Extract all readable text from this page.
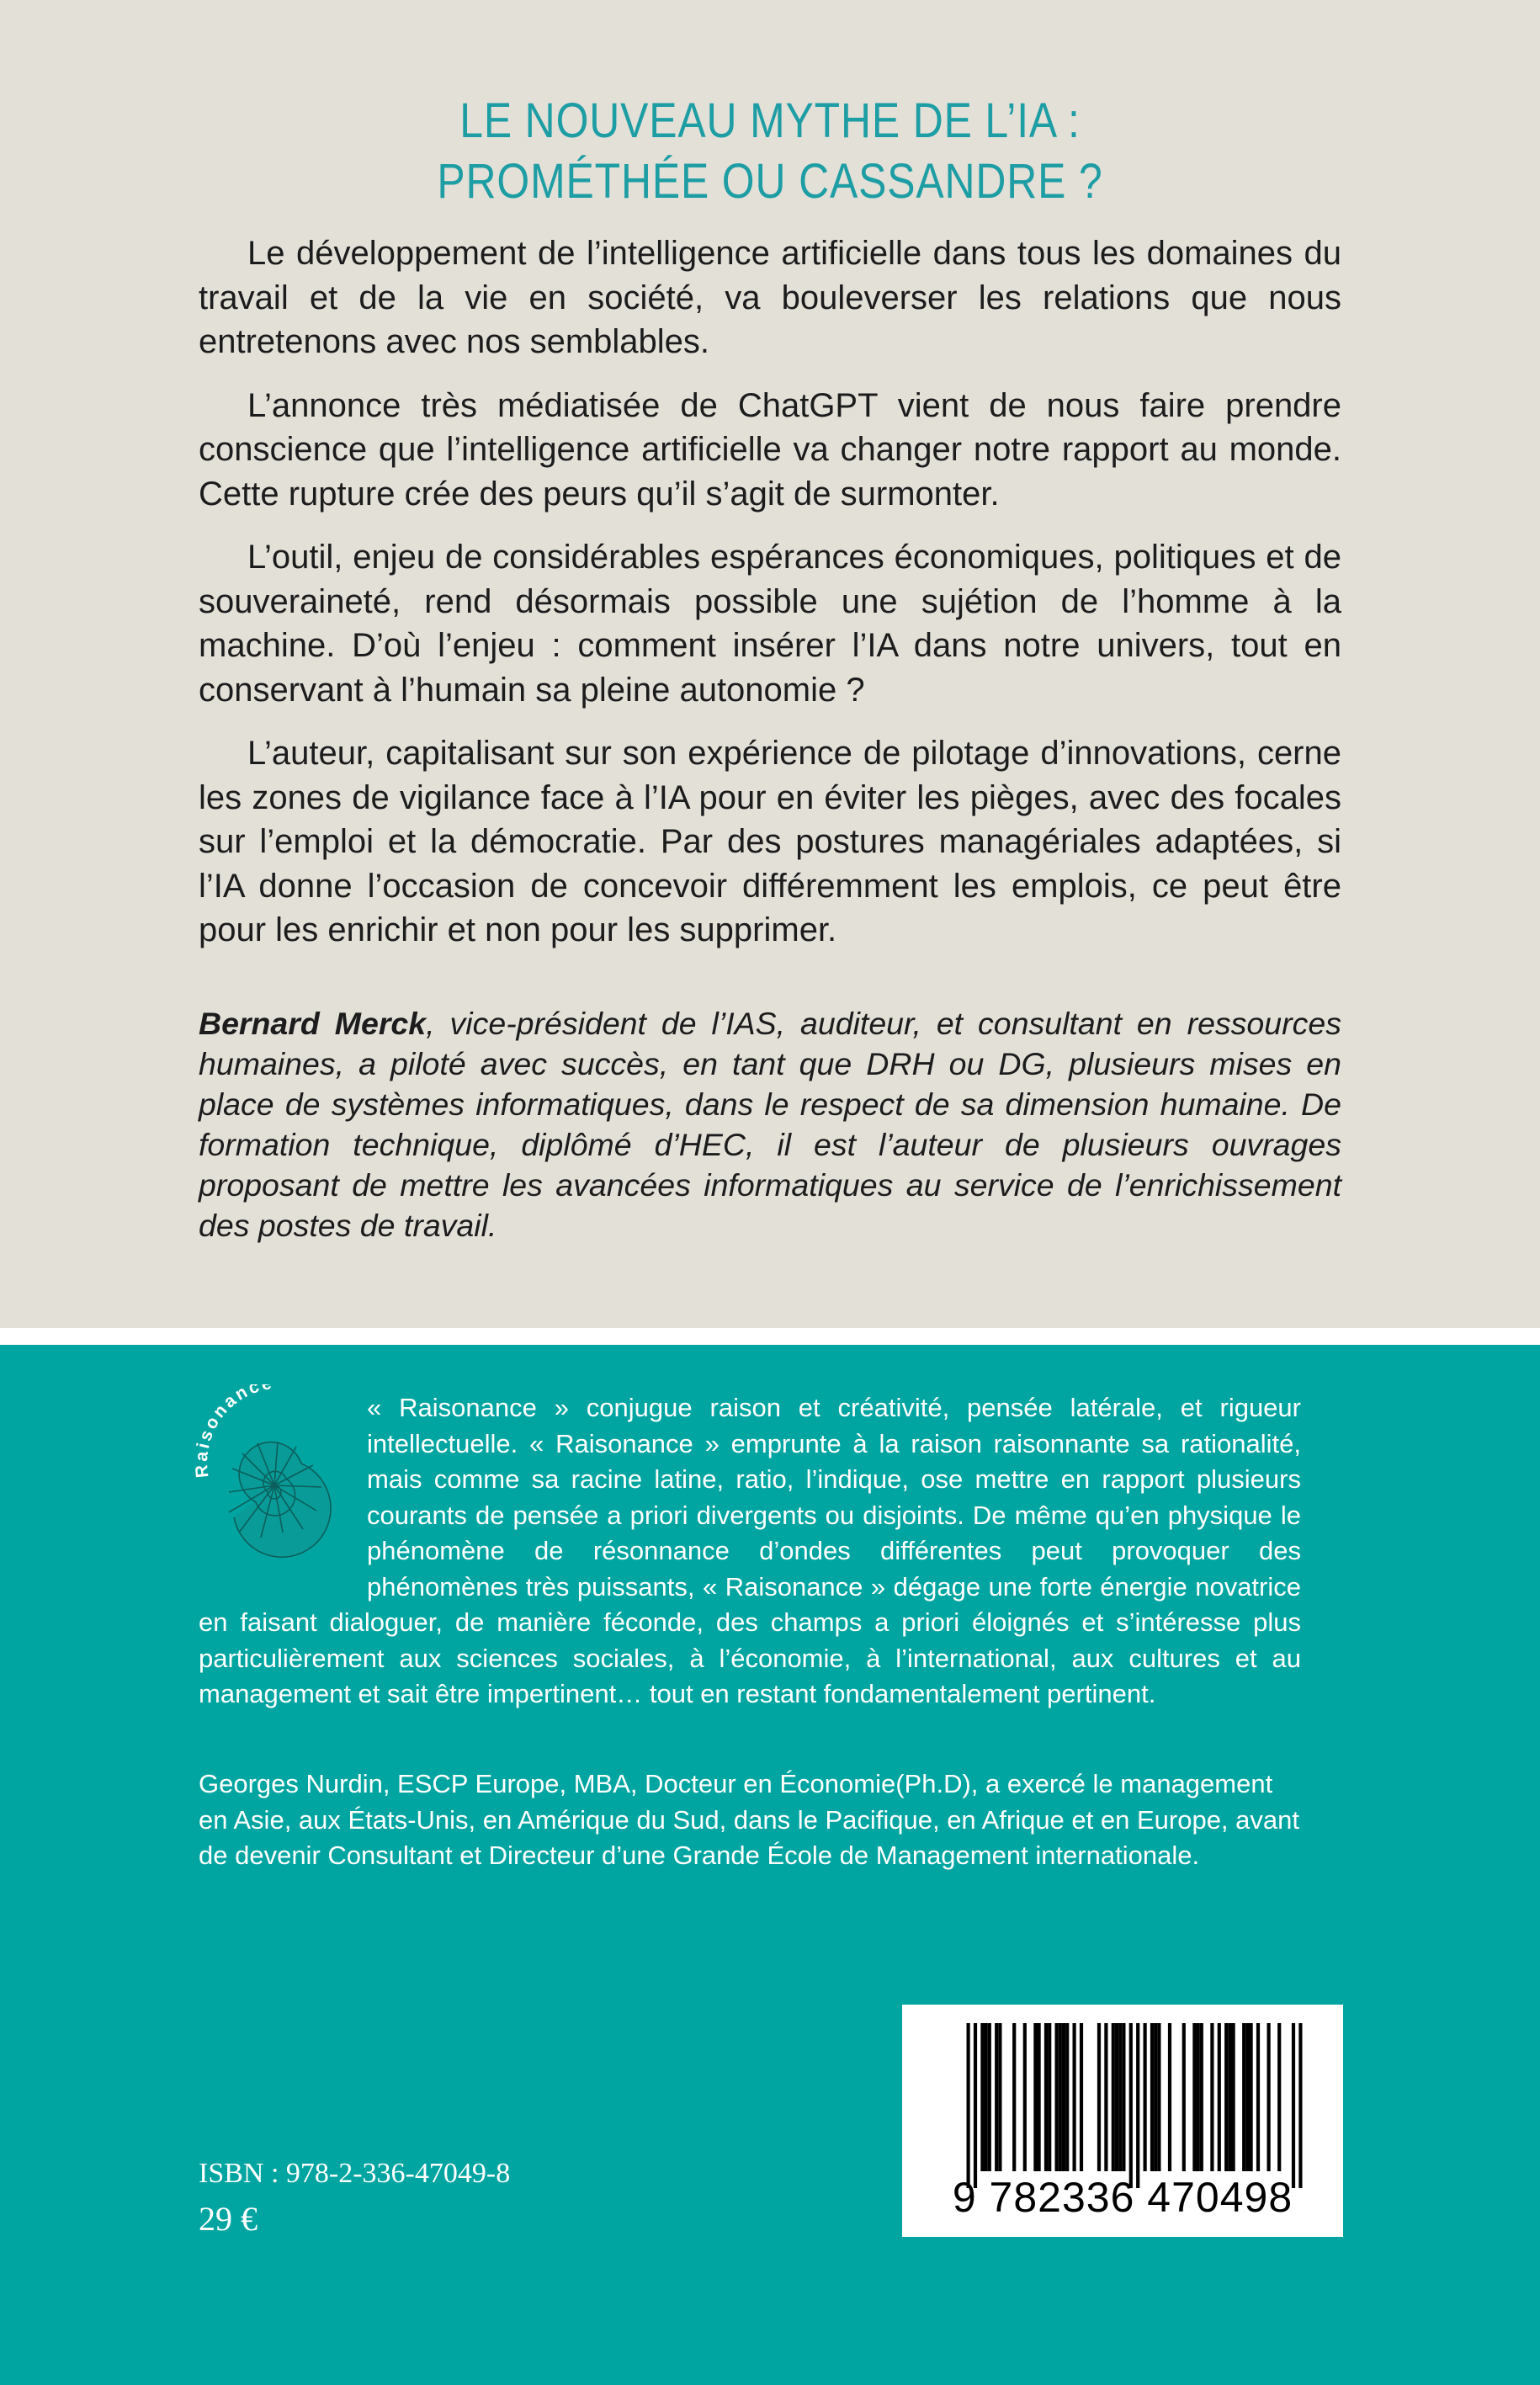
LE NOUVEAU MYTHE DE L’IA :
PROMÉTHÉE OU CASSANDRE ?

Le développement de l’intelligence artificielle dans tous les domaines du travail et de la vie en société, va bouleverser les relations que nous entretenons avec nos semblables.

L’annonce très médiatisée de ChatGPT vient de nous faire prendre conscience que l’intelligence artificielle va changer notre rapport au monde. Cette rupture crée des peurs qu’il s’agit de surmonter.

L’outil, enjeu de considérables espérances économiques, politiques et de souveraineté, rend désormais possible une sujétion de l’homme à la machine. D’où l’enjeu : comment insérer l’IA dans notre univers, tout en conservant à l’humain sa pleine autonomie ?

L’auteur, capitalisant sur son expérience de pilotage d’innovations, cerne les zones de vigilance face à l’IA pour en éviter les pièges, avec des focales sur l’emploi et la démocratie. Par des postures managériales adaptées, si l’IA donne l’occasion de concevoir différemment les emplois, ce peut être pour les enrichir et non pour les supprimer.

Bernard Merck, vice-président de l’IAS, auditeur, et consultant en ressources humaines, a piloté avec succès, en tant que DRH ou DG, plusieurs mises en place de systèmes informatiques, dans le respect de sa dimension humaine. De formation technique, diplômé d’HEC, il est l’auteur de plusieurs ouvrages proposant de mettre les avancées informatiques au service de l’enrichissement des postes de travail.
Raisonanc
« Raisonance » conjugue raison et créativité, pensée latérale, et rigueur intellectuelle. « Raisonance » emprunte à la raison raisonnante sa rationalité, mais comme sa racine latine, ratio, l’indique, ose mettre en rapport plusieurs courants de pensée a priori divergents ou disjoints. De même qu’en physique le phénomène de résonnance d’ondes différentes peut provoquer des phénomènes très puissants, « Raisonance » dégage une forte énergie novatrice en faisant dialoguer, de manière féconde, des champs a priori éloignés et s’intéresse plus particulièrement aux sciences sociales, à l’économie, à l’international, aux cultures et au management et sait être impertinent… tout en restant fondamentalement pertinent.
Georges Nurdin, ESCP Europe, MBA, Docteur en Économie(Ph.D), a exercé le management en Asie, aux États-Unis, en Amérique du Sud, dans le Pacifique, en Afrique et en Europe, avant de devenir Consultant et Directeur d’une Grande École de Management internationale.
ISBN : 978-2-336-47049-8
29 €	9 782336 470498
